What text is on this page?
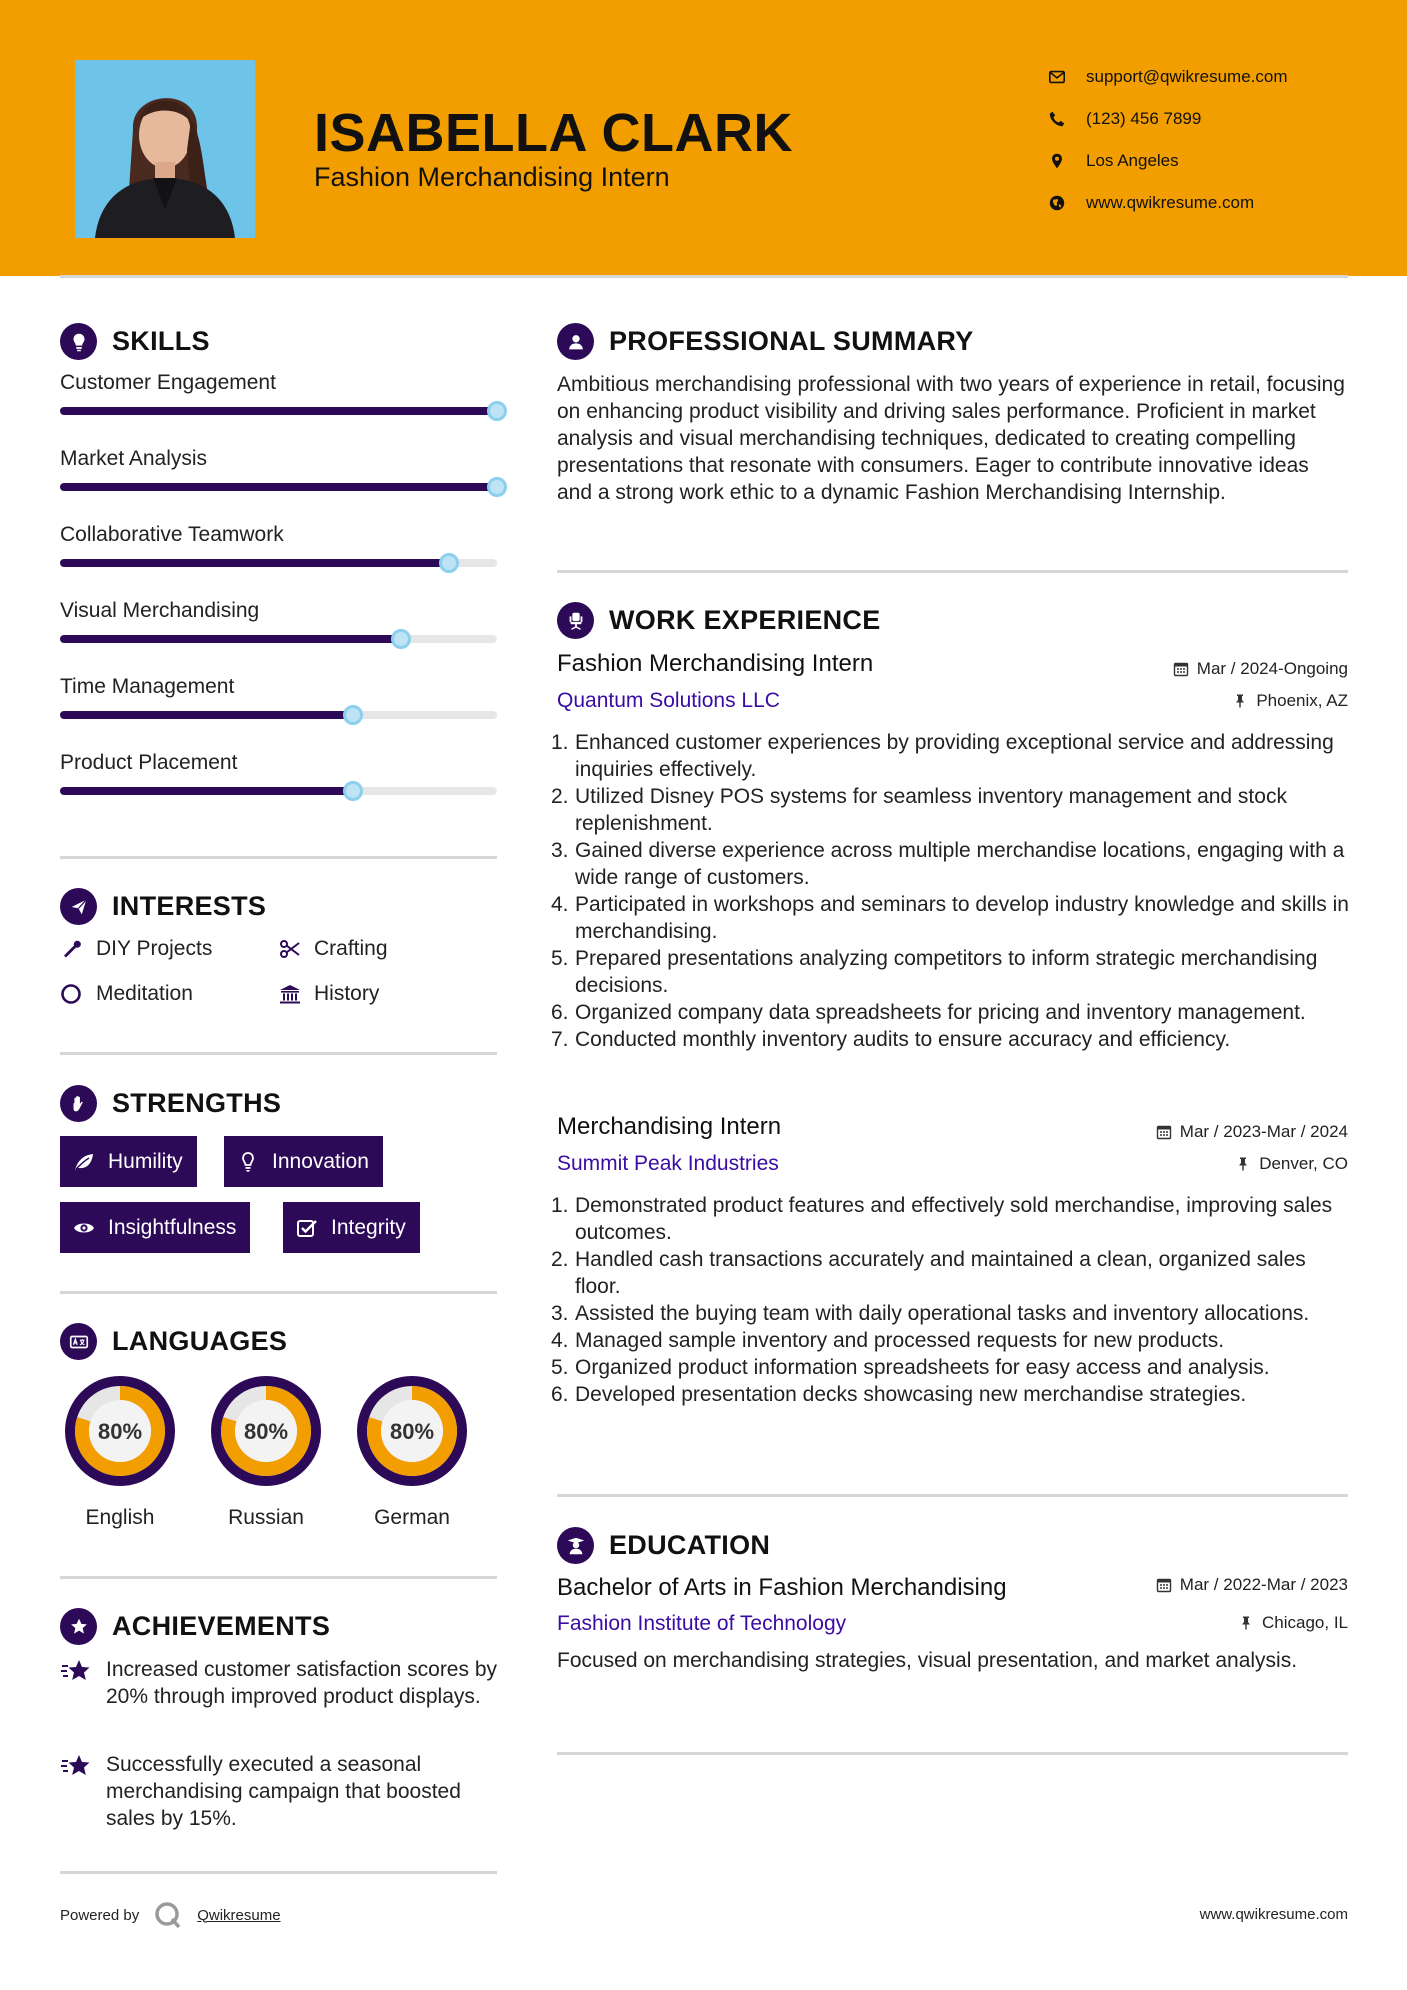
ISABELLA CLARK
Fashion Merchandising Intern
support@qwikresume.com
(123) 456 7899
Los Angeles
www.qwikresume.com
SKILLS
Customer Engagement
Market Analysis
Collaborative Teamwork
Visual Merchandising
Time Management
Product Placement
INTERESTS
DIY Projects	Crafting
Meditation	History
STRENGTHS
Humility	Innovation
Insightfulness	Integrity
LANGUAGES
80%
English
80%
Russian
80%
German
ACHIEVEMENTS
Increased customer satisfaction scores by 20% through improved product displays.
Successfully executed a seasonal merchandising campaign that boosted sales by 15%.
PROFESSIONAL SUMMARY
Ambitious merchandising professional with two years of experience in retail, focusing on enhancing product visibility and driving sales performance. Proficient in market analysis and visual merchandising techniques, dedicated to creating compelling presentations that resonate with consumers. Eager to contribute innovative ideas and a strong work ethic to a dynamic Fashion Merchandising Internship.
WORK EXPERIENCE
Fashion Merchandising Intern	Mar / 2024-Ongoing
Quantum Solutions LLC	Phoenix, AZ
1. Enhanced customer experiences by providing exceptional service and addressing inquiries effectively.
2. Utilized Disney POS systems for seamless inventory management and stock replenishment.
3. Gained diverse experience across multiple merchandise locations, engaging with a wide range of customers.
4. Participated in workshops and seminars to develop industry knowledge and skills in merchandising.
5. Prepared presentations analyzing competitors to inform strategic merchandising decisions.
6. Organized company data spreadsheets for pricing and inventory management.
7. Conducted monthly inventory audits to ensure accuracy and efficiency.
Merchandising Intern	Mar / 2023-Mar / 2024
Summit Peak Industries	Denver, CO
1. Demonstrated product features and effectively sold merchandise, improving sales outcomes.
2. Handled cash transactions accurately and maintained a clean, organized sales floor.
3. Assisted the buying team with daily operational tasks and inventory allocations.
4. Managed sample inventory and processed requests for new products.
5. Organized product information spreadsheets for easy access and analysis.
6. Developed presentation decks showcasing new merchandise strategies.
EDUCATION
Bachelor of Arts in Fashion Merchandising	Mar / 2022-Mar / 2023
Fashion Institute of Technology	Chicago, IL
Focused on merchandising strategies, visual presentation, and market analysis.
Powered by	Qwikresume	www.qwikresume.com
